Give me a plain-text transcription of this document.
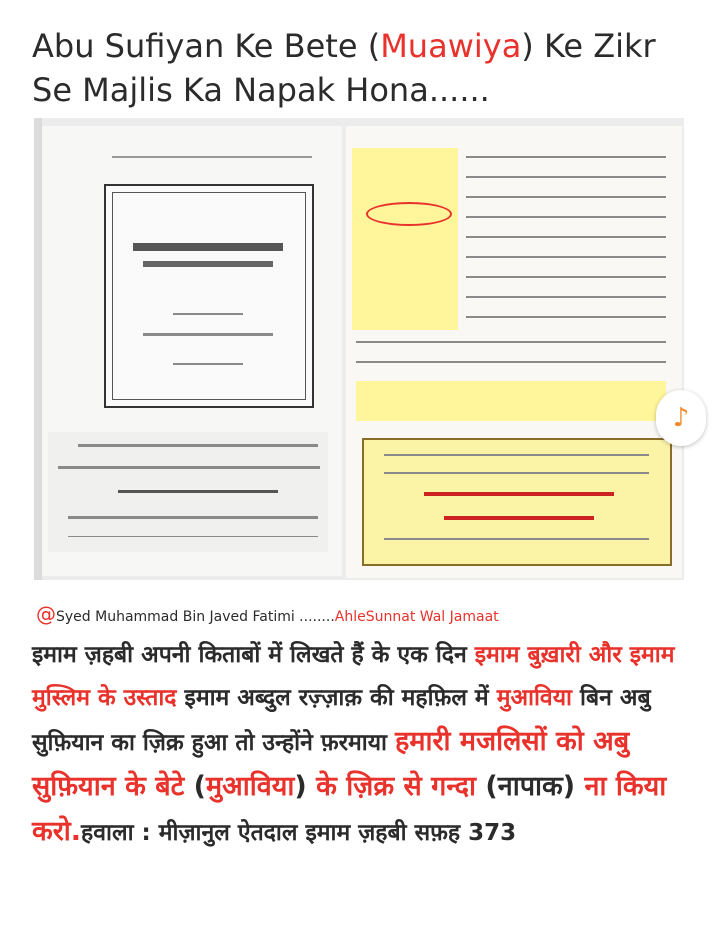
Abu Sufiyan Ke Bete (Muawiya) Ke Zikr Se Majlis Ka Napak Hona......
♪
@Syed Muhammad Bin Javed Fatimi ........AhleSunnat Wal Jamaat
इमाम ज़हबी अपनी किताबों में लिखते हैं के एक दिन इमाम बुख़ारी और इमाम मुस्लिम के उस्ताद इमाम अब्दुल रज़्ज़ाक़ की महफ़िल में मुआविया बिन अबु सुफ़ियान का ज़िक्र हुआ तो उन्होंने फ़रमाया हमारी मजलिसों को अबु सुफ़ियान के बेटे (मुआविया) के ज़िक्र से गन्दा (नापाक) ना किया करो.हवाला : मीज़ानुल ऐतदाल इमाम ज़हबी सफ़ह 373
